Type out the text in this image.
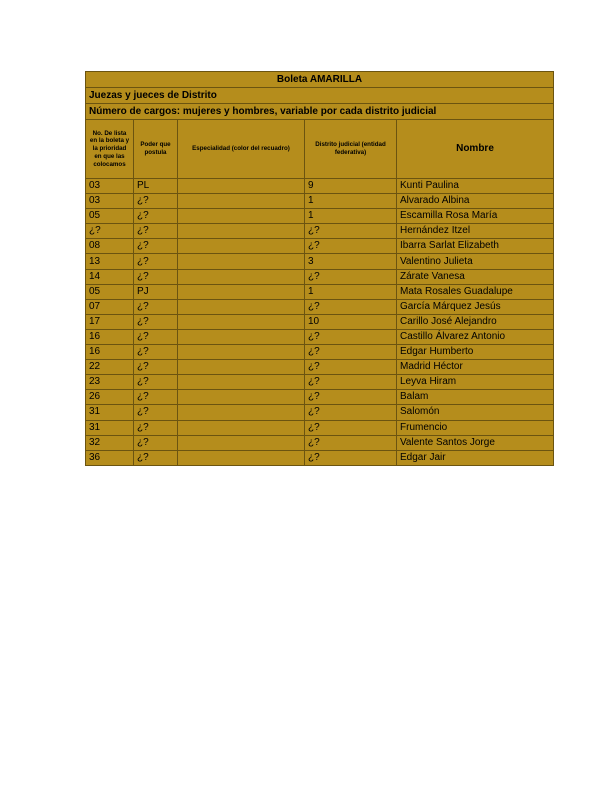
Boleta AMARILLA				
Juezas y jueces de Distrito				
Número de cargos: mujeres y hombres, variable por cada distrito judicial				
No. De lista en la boleta y la prioridad en que las colocamos	Poder que postula	Especialidad (color del recuadro)	Distrito judicial (entidad federativa)	Nombre
03	PL		9	Kunti Paulina
03	¿?		1	Alvarado Albina
05	¿?		1	Escamilla Rosa María
¿?	¿?		¿?	Hernández Itzel
08	¿?		¿?	Ibarra Sarlat Elizabeth
13	¿?		3	Valentino Julieta
14	¿?		¿?	Zárate Vanesa
05	PJ		1	Mata Rosales Guadalupe
07	¿?		¿?	García Márquez Jesús
17	¿?		10	Carillo José Alejandro
16	¿?		¿?	Castillo Álvarez Antonio
16	¿?		¿?	Edgar Humberto
22	¿?		¿?	Madrid Héctor
23	¿?		¿?	Leyva Hiram
26	¿?		¿?	Balam
31	¿?		¿?	Salomón
31	¿?		¿?	Frumencio
32	¿?		¿?	Valente Santos Jorge
36	¿?		¿?	Edgar Jair
